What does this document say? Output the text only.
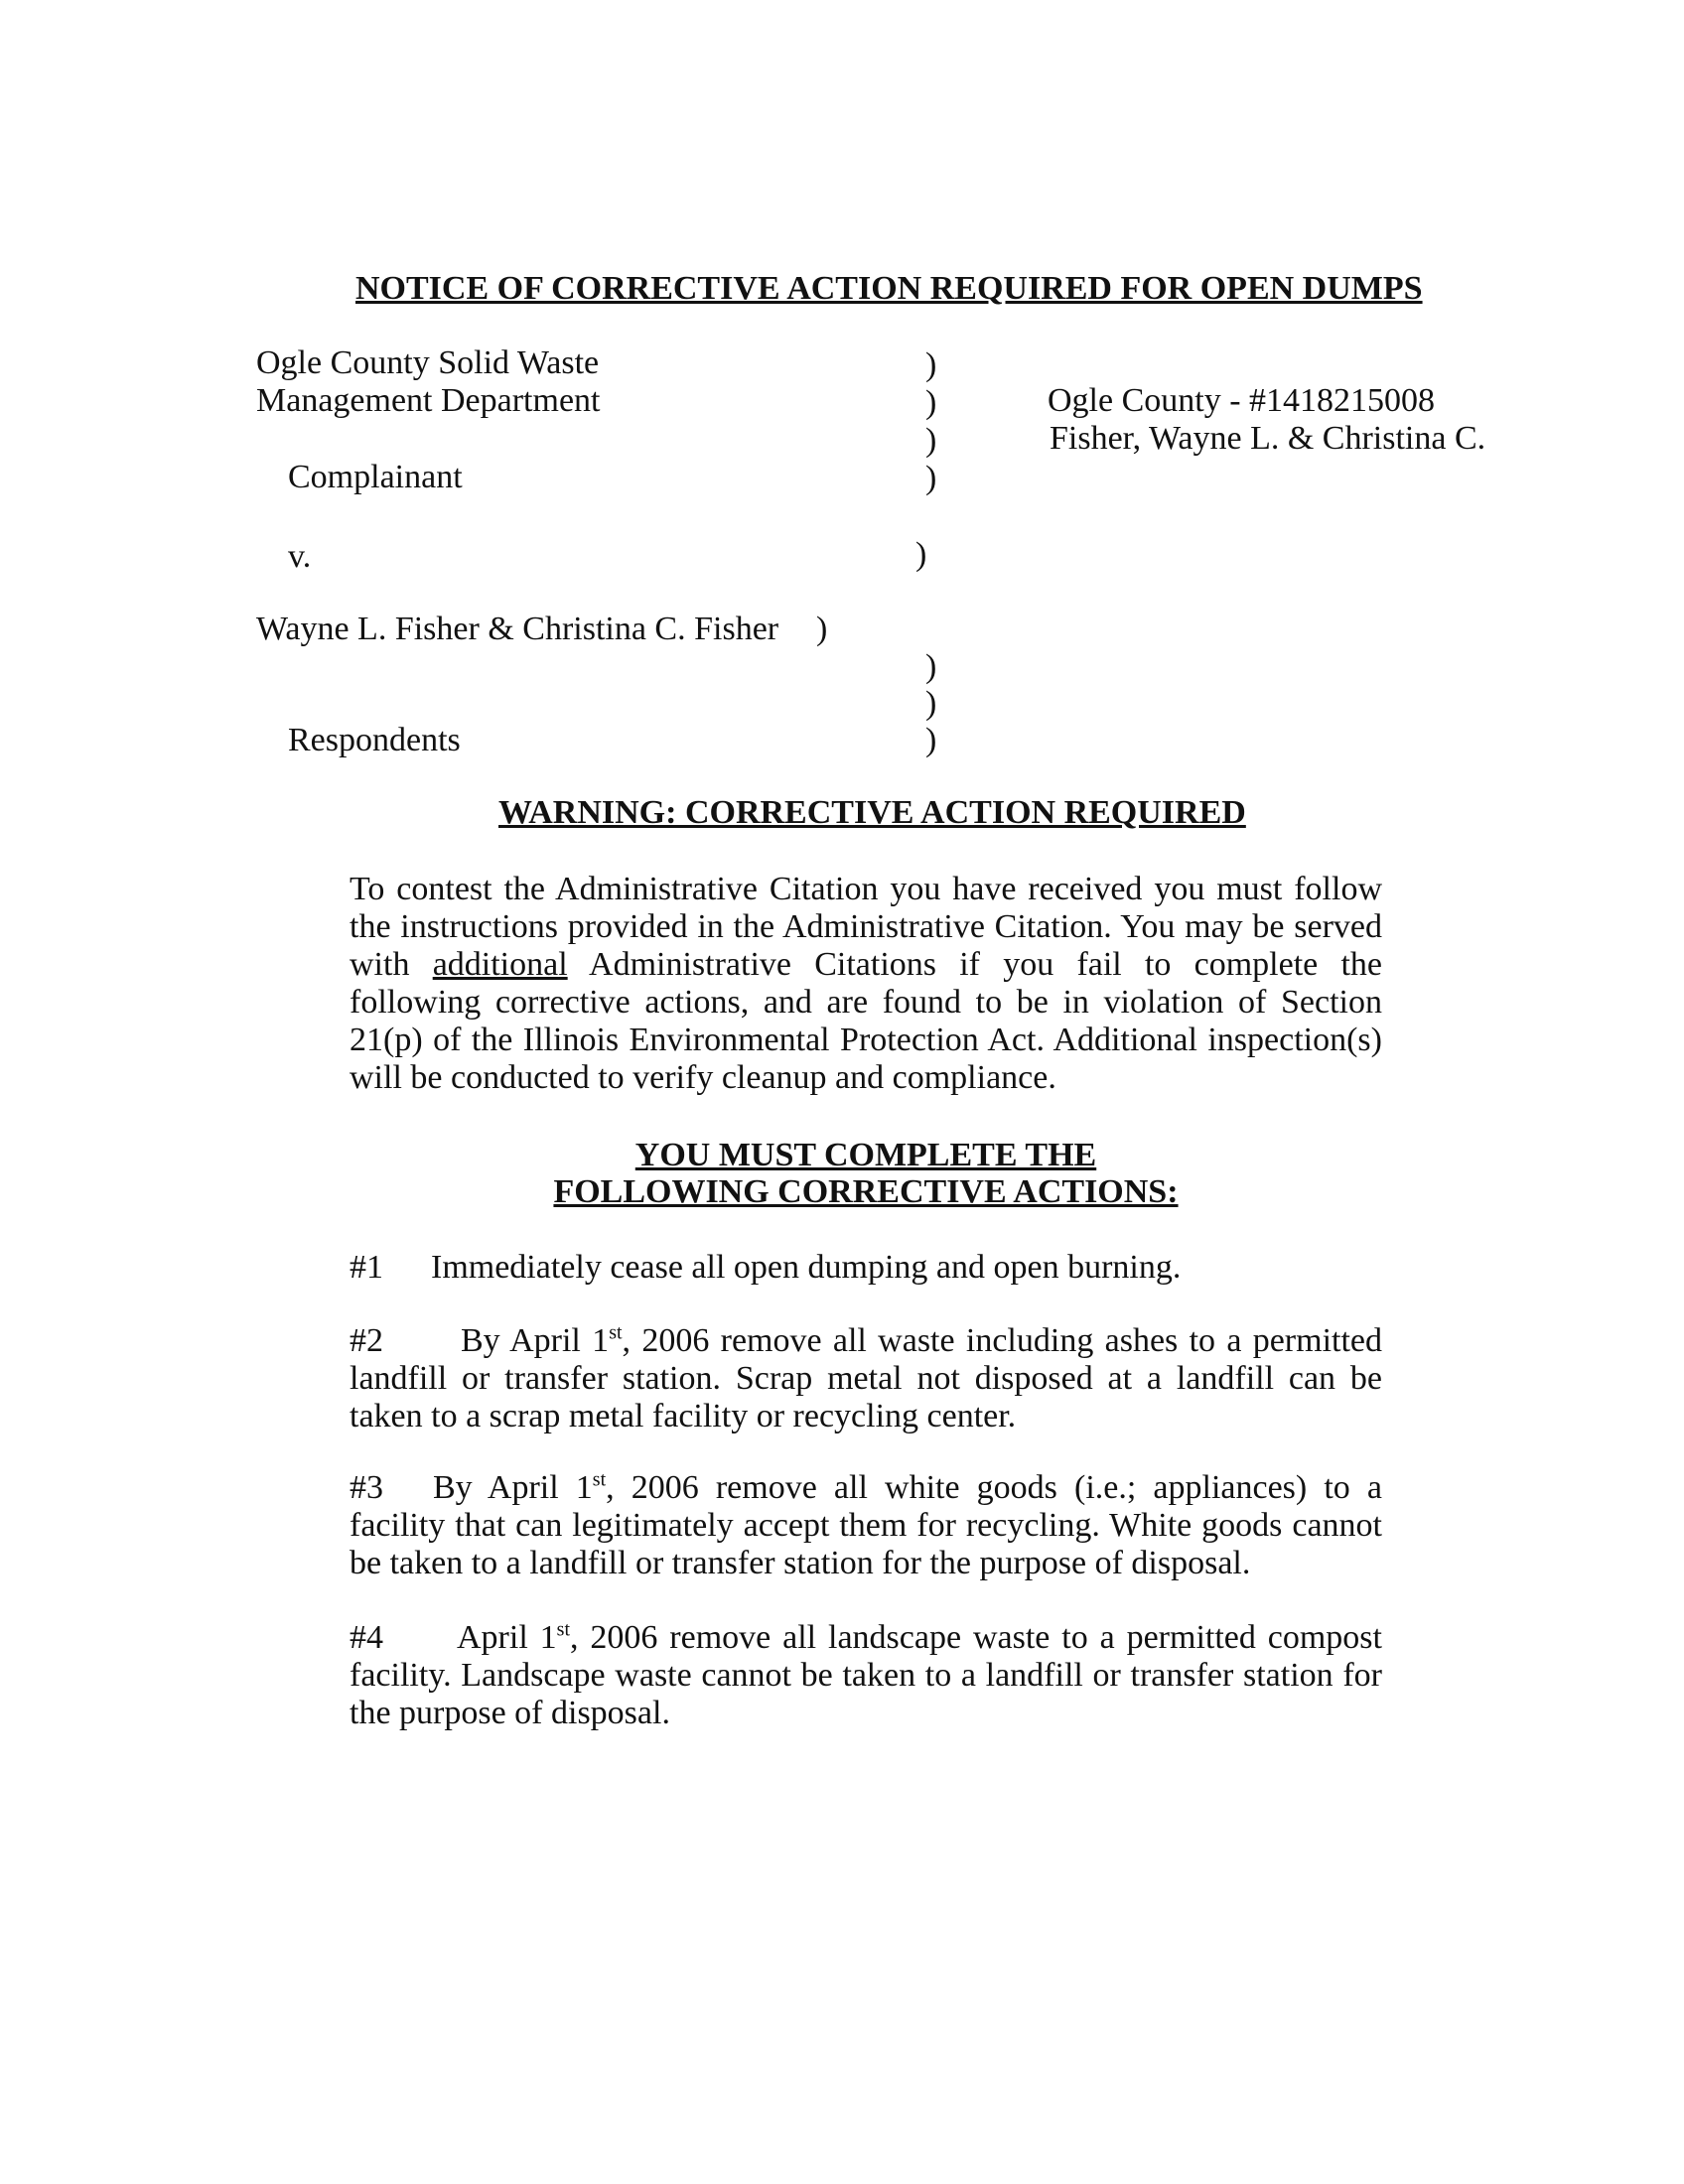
NOTICE OF CORRECTIVE ACTION REQUIRED FOR OPEN DUMPS
Ogle County Solid Waste
Management Department
Complainant
v.
Wayne L. Fisher & Christina C. Fisher
Respondents
)
)
)
)
)
)
)
)
)
Ogle County - #1418215008
Fisher, Wayne L. & Christina C.
WARNING: CORRECTIVE ACTION REQUIRED
To contest the Administrative Citation you have received you must follow the instructions provided in the Administrative Citation. You may be served with additional Administrative Citations if you fail to complete the following corrective actions, and are found to be in violation of Section 21(p) of the Illinois Environmental Protection Act. Additional inspection(s) will be conducted to verify cleanup and compliance.
YOU MUST COMPLETE THE
FOLLOWING CORRECTIVE ACTIONS:
#1 Immediately cease all open dumping and open burning.
#2 By April 1st, 2006 remove all waste including ashes to a permitted landfill or transfer station. Scrap metal not disposed at a landfill can be taken to a scrap metal facility or recycling center.
#3 By April 1st, 2006 remove all white goods (i.e.; appliances) to a facility that can legitimately accept them for recycling. White goods cannot be taken to a landfill or transfer station for the purpose of disposal.
#4 April 1st, 2006 remove all landscape waste to a permitted compost facility. Landscape waste cannot be taken to a landfill or transfer station for the purpose of disposal.
